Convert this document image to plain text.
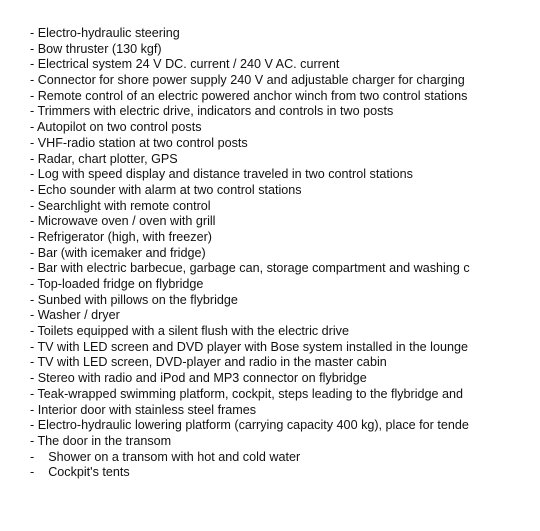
- Electro-hydraulic steering
- Bow thruster (130 kgf)
- Electrical system 24 V DC. current / 240 V AC. current
- Connector for shore power supply 240 V and adjustable charger for charging
- Remote control of an electric powered anchor winch from two control stations
- Trimmers with electric drive, indicators and controls in two posts
- Autopilot on two control posts
- VHF-radio station at two control posts
- Radar, chart plotter, GPS
- Log with speed display and distance traveled in two control stations
- Echo sounder with alarm at two control stations
- Searchlight with remote control
- Microwave oven / oven with grill
- Refrigerator (high, with freezer)
- Bar (with icemaker and fridge)
- Bar with electric barbecue, garbage can, storage compartment and washing c
- Top-loaded fridge on flybridge
- Sunbed with pillows on the flybridge
- Washer / dryer
- Toilets equipped with a silent flush with the electric drive
- TV with LED screen and DVD player with Bose system installed in the lounge
- TV with LED screen, DVD-player and radio in the master cabin
- Stereo with radio and iPod and MP3 connector on flybridge
- Teak-wrapped swimming platform, cockpit, steps leading to the flybridge and
- Interior door with stainless steel frames
- Electro-hydraulic lowering platform (carrying capacity 400 kg), place for tende
- The door in the transom
-    Shower on a transom with hot and cold water
-    Cockpit's tents
